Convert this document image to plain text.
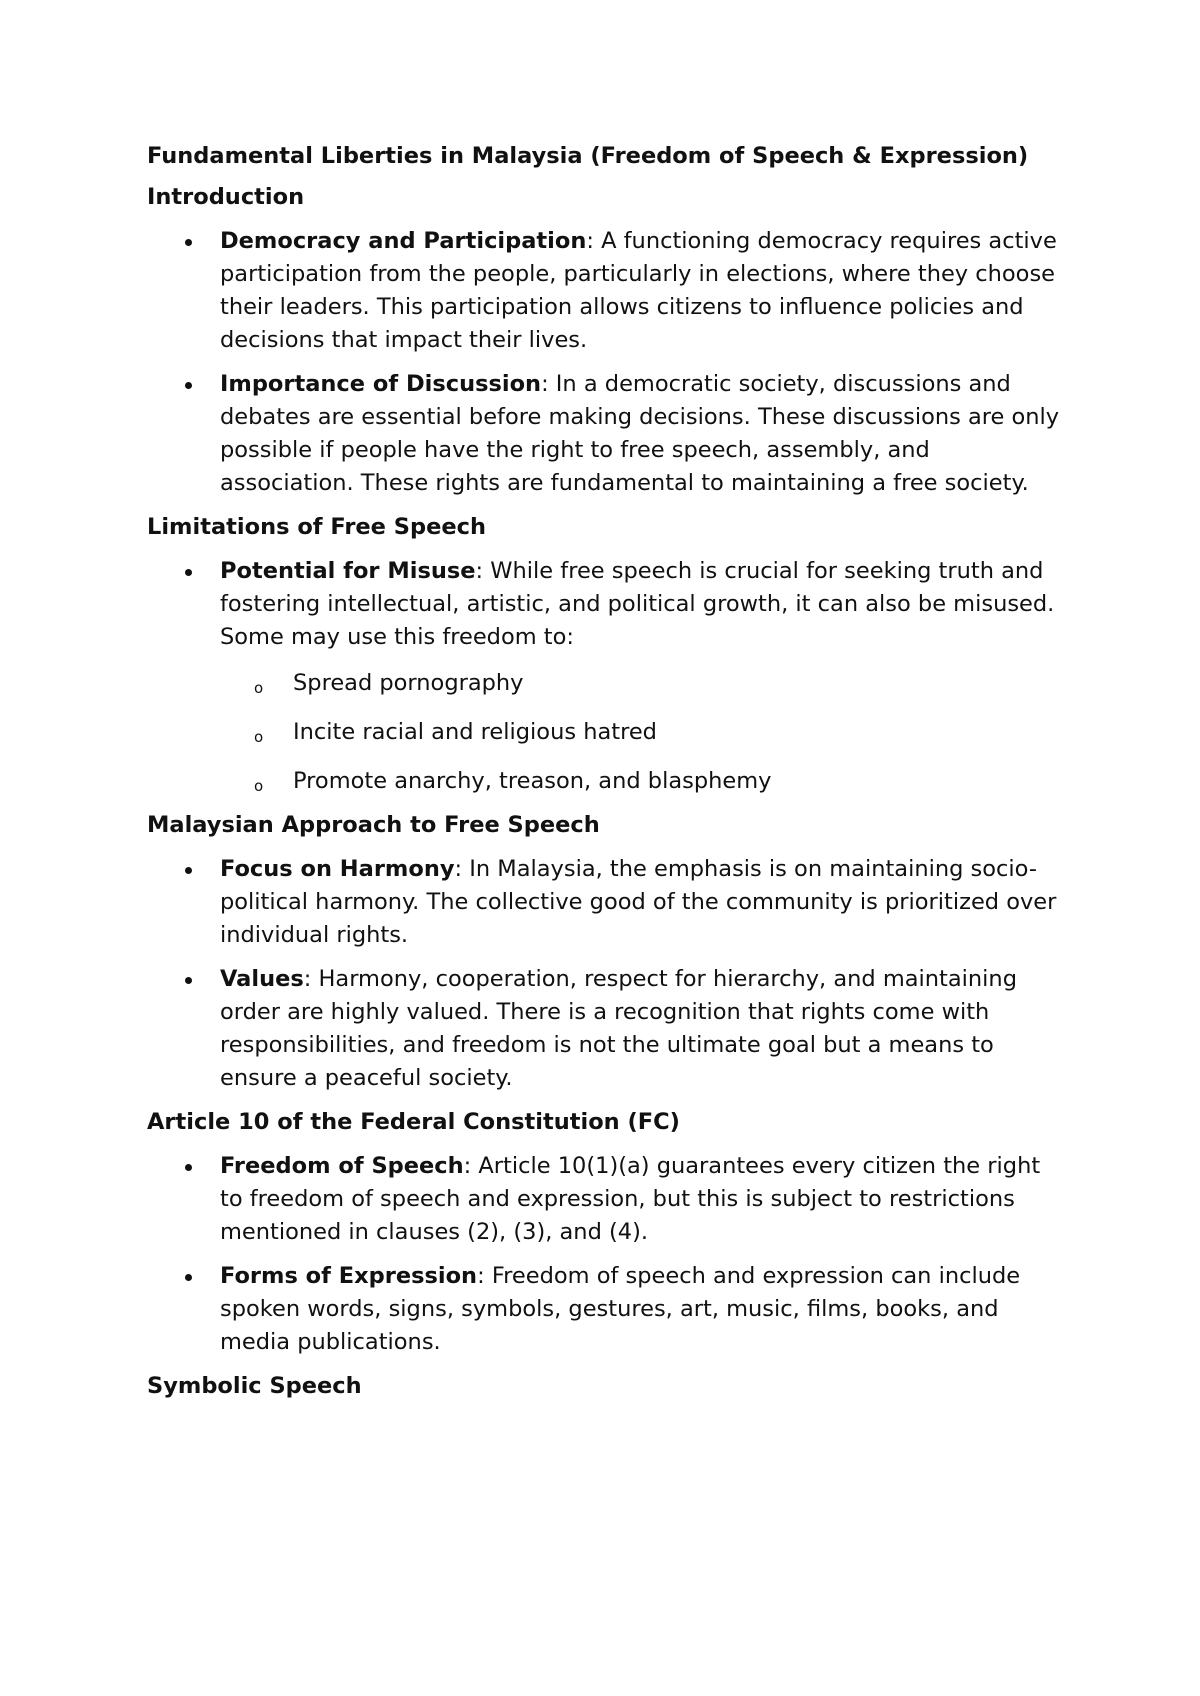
Fundamental Liberties in Malaysia (Freedom of Speech & Expression)

Introduction

Democracy and Participation: A functioning democracy requires active participation from the people, particularly in elections, where they choose their leaders. This participation allows citizens to influence policies and decisions that impact their lives.
Importance of Discussion: In a democratic society, discussions and debates are essential before making decisions. These discussions are only possible if people have the right to free speech, assembly, and association. These rights are fundamental to maintaining a free society.

Limitations of Free Speech

Potential for Misuse: While free speech is crucial for seeking truth and fostering intellectual, artistic, and political growth, it can also be misused. Some may use this freedom to:
o	Spread pornography
o	Incite racial and religious hatred
o	Promote anarchy, treason, and blasphemy

Malaysian Approach to Free Speech

Focus on Harmony: In Malaysia, the emphasis is on maintaining socio-political harmony. The collective good of the community is prioritized over individual rights.
Values: Harmony, cooperation, respect for hierarchy, and maintaining order are highly valued. There is a recognition that rights come with responsibilities, and freedom is not the ultimate goal but a means to ensure a peaceful society.

Article 10 of the Federal Constitution (FC)

Freedom of Speech: Article 10(1)(a) guarantees every citizen the right to freedom of speech and expression, but this is subject to restrictions mentioned in clauses (2), (3), and (4).
Forms of Expression: Freedom of speech and expression can include spoken words, signs, symbols, gestures, art, music, films, books, and media publications.

Symbolic Speech
